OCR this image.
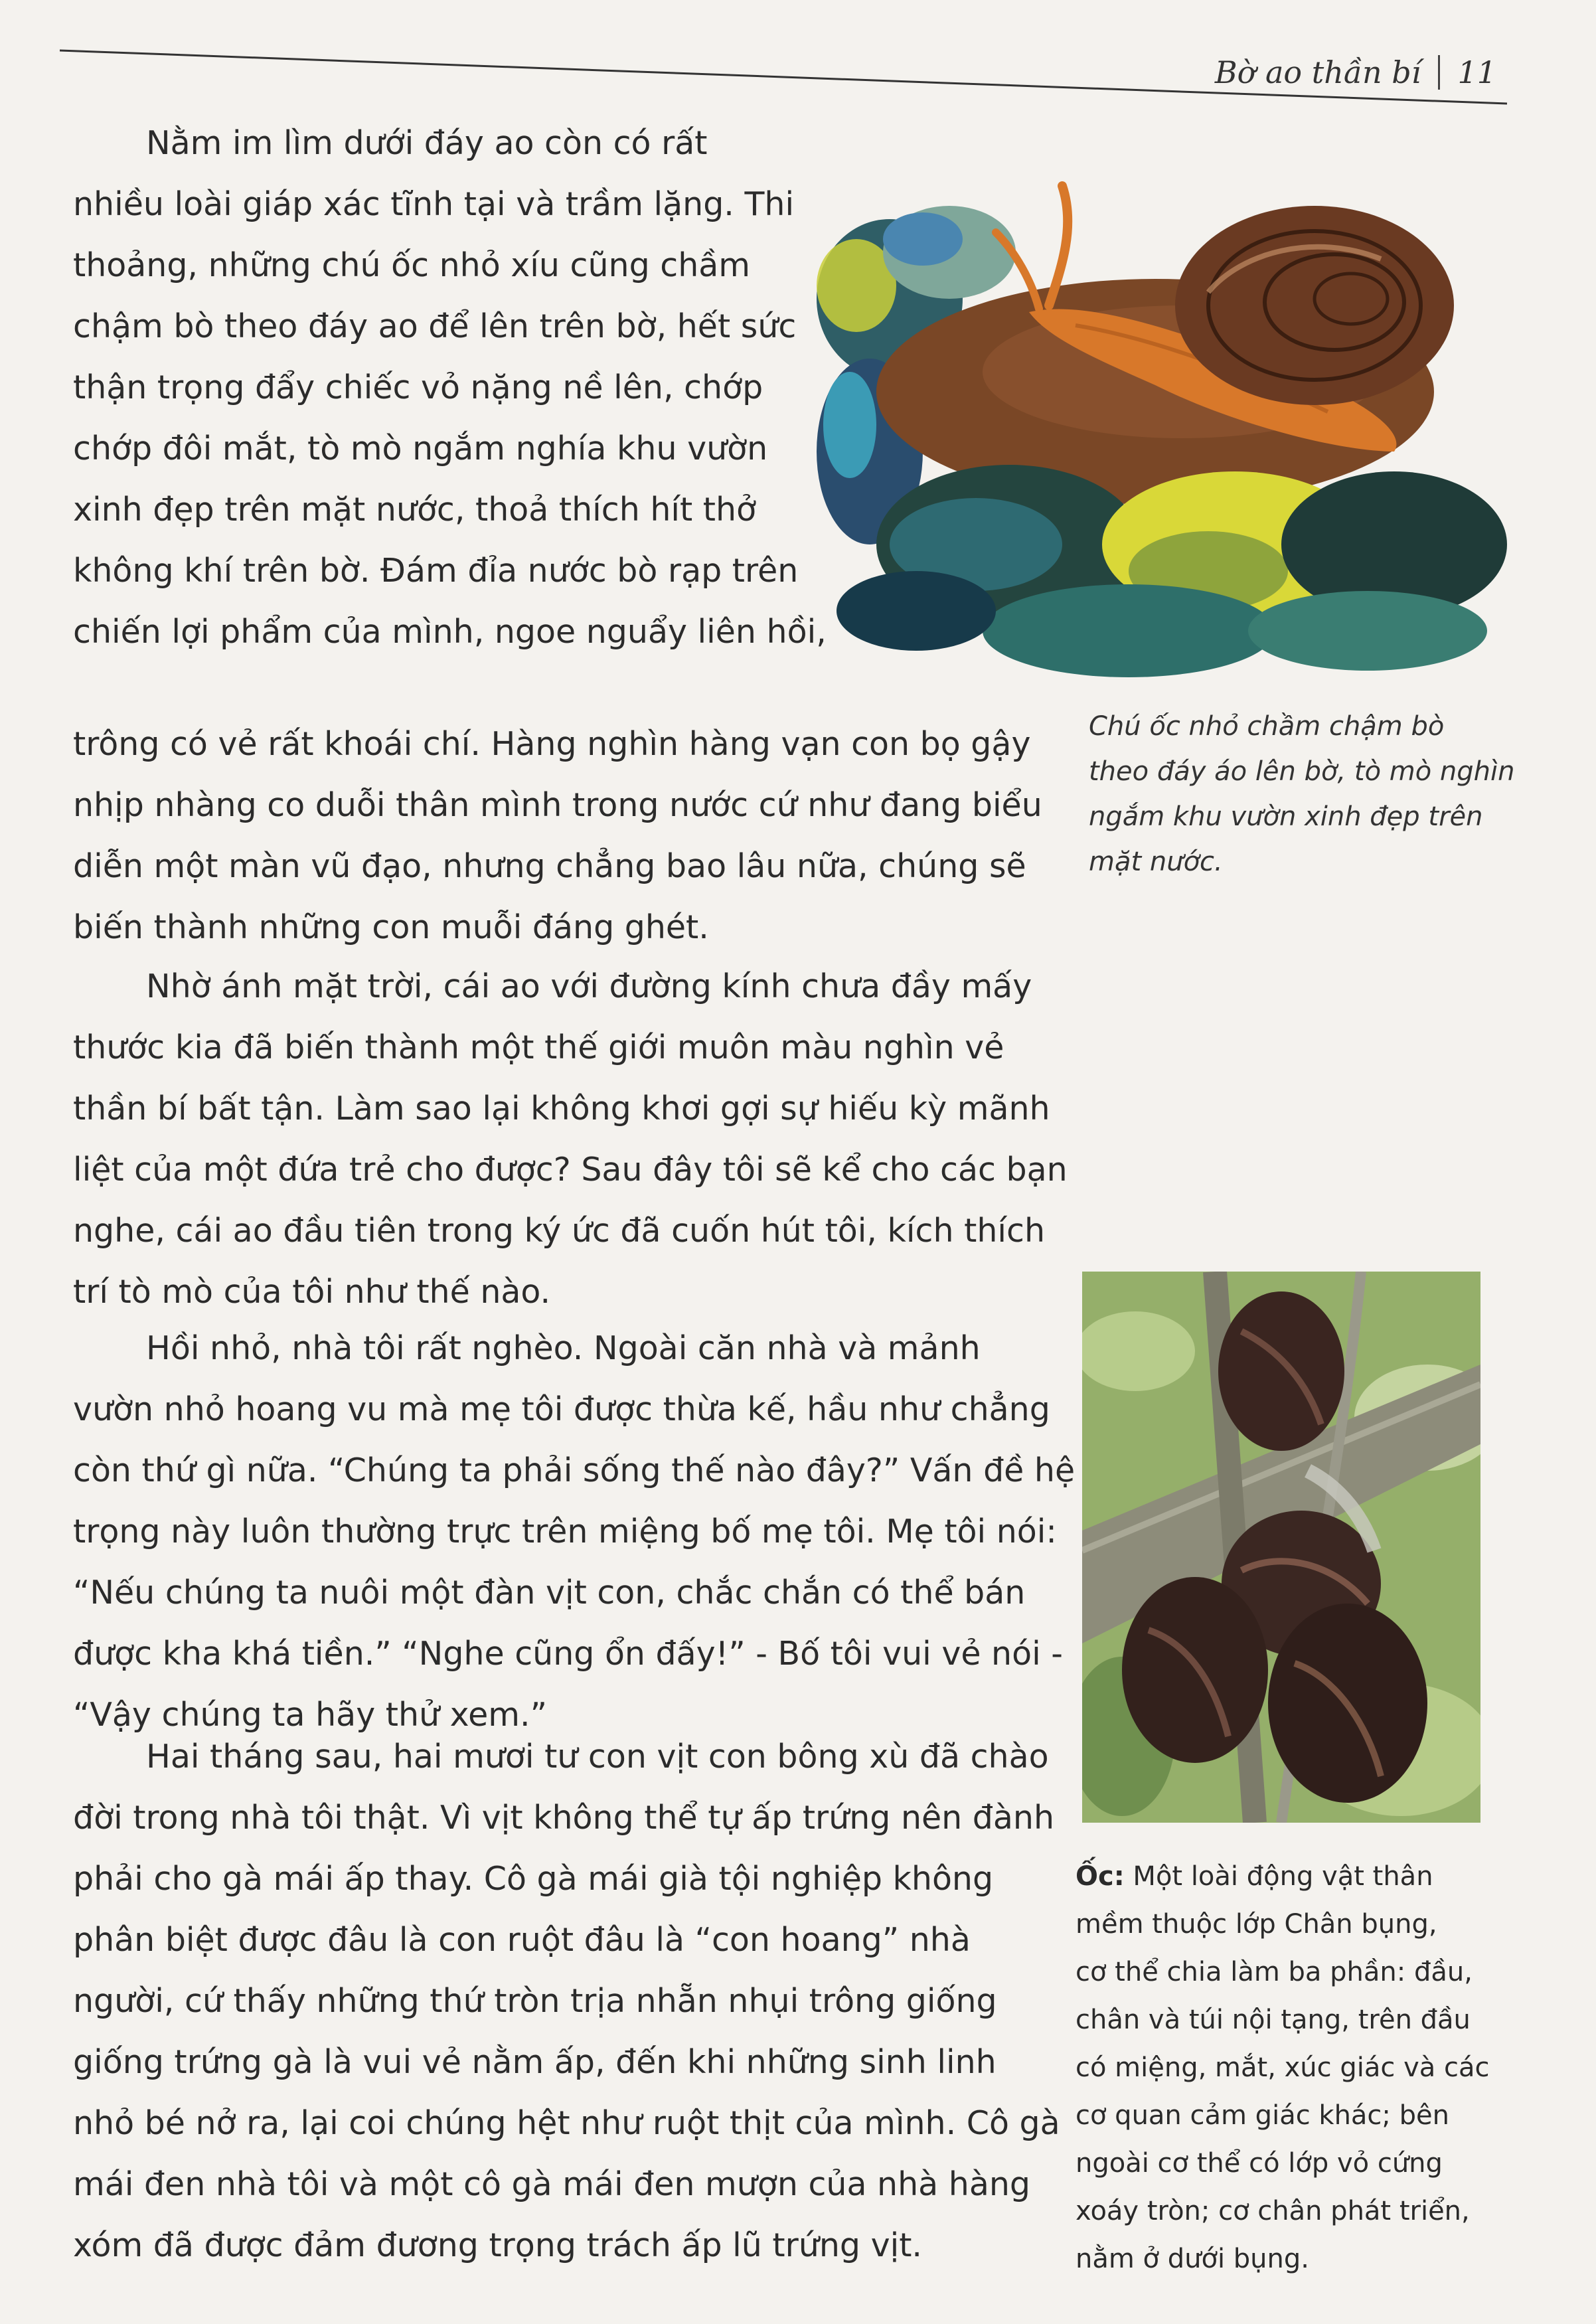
Bờ ao thần bí 11

Nằm im lìm dưới đáy ao còn có rất
nhiều loài giáp xác tĩnh tại và trầm lặng. Thi
thoảng, những chú ốc nhỏ xíu cũng chầm
chậm bò theo đáy ao để lên trên bờ, hết sức
thận trọng đẩy chiếc vỏ nặng nề lên, chớp
chớp đôi mắt, tò mò ngắm nghía khu vườn
xinh đẹp trên mặt nước, thoả thích hít thở
không khí trên bờ. Đám đỉa nước bò rạp trên
chiến lợi phẩm của mình, ngoe nguẩy liên hồi,

trông có vẻ rất khoái chí. Hàng nghìn hàng vạn con bọ gậy
nhịp nhàng co duỗi thân mình trong nước cứ như đang biểu
diễn một màn vũ đạo, nhưng chẳng bao lâu nữa, chúng sẽ
biến thành những con muỗi đáng ghét.

Nhờ ánh mặt trời, cái ao với đường kính chưa đầy mấy
thước kia đã biến thành một thế giới muôn màu nghìn vẻ
thần bí bất tận. Làm sao lại không khơi gợi sự hiếu kỳ mãnh
liệt của một đứa trẻ cho được? Sau đây tôi sẽ kể cho các bạn
nghe, cái ao đầu tiên trong ký ức đã cuốn hút tôi, kích thích
trí tò mò của tôi như thế nào.

Hồi nhỏ, nhà tôi rất nghèo. Ngoài căn nhà và mảnh
vườn nhỏ hoang vu mà mẹ tôi được thừa kế, hầu như chẳng
còn thứ gì nữa. “Chúng ta phải sống thế nào đây?” Vấn đề hệ
trọng này luôn thường trực trên miệng bố mẹ tôi. Mẹ tôi nói:
“Nếu chúng ta nuôi một đàn vịt con, chắc chắn có thể bán
được kha khá tiền.” “Nghe cũng ổn đấy!” - Bố tôi vui vẻ nói -
“Vậy chúng ta hãy thử xem.”

Hai tháng sau, hai mươi tư con vịt con bông xù đã chào
đời trong nhà tôi thật. Vì vịt không thể tự ấp trứng nên đành
phải cho gà mái ấp thay. Cô gà mái già tội nghiệp không
phân biệt được đâu là con ruột đâu là “con hoang” nhà
người, cứ thấy những thứ tròn trịa nhẵn nhụi trông giống
giống trứng gà là vui vẻ nằm ấp, đến khi những sinh linh
nhỏ bé nở ra, lại coi chúng hệt như ruột thịt của mình. Cô gà
mái đen nhà tôi và một cô gà mái đen mượn của nhà hàng
xóm đã được đảm đương trọng trách ấp lũ trứng vịt.

Chú ốc nhỏ chầm chậm bò
theo đáy áo lên bờ, tò mò nghìn
ngắm khu vườn xinh đẹp trên
mặt nước.

Ốc: Một loài động vật thân
mềm thuộc lớp Chân bụng,
cơ thể chia làm ba phần: đầu,
chân và túi nội tạng, trên đầu
có miệng, mắt, xúc giác và các
cơ quan cảm giác khác; bên
ngoài cơ thể có lớp vỏ cứng
xoáy tròn; cơ chân phát triển,
nằm ở dưới bụng.
